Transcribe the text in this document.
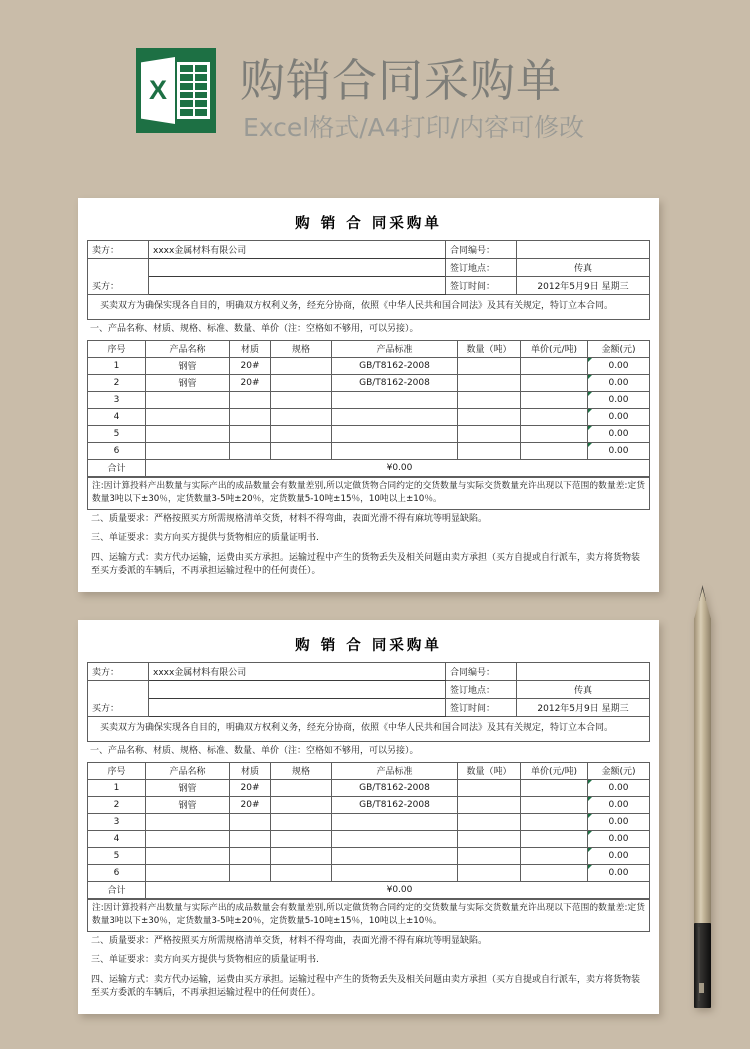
X 购销合同采购单
Excel格式/A4打印/内容可修改
购 销 合 同采购单
卖方：	xxxx金属材料有限公司	合同编号：	
		签订地点：	传真
买方：		签订时间：	2012年5月9日 星期三
买卖双方为确保实现各自目的，明确双方权利义务，经充分协商，依照《中华人民共和国合同法》及其有关规定，特订立本合同。
一、产品名称、材质、规格、标准、数量、单价（注：空格如不够用，可以另接）。
序号	产品名称	材质	规格	产品标准	数量（吨）	单价(元/吨)	金额(元)
1	钢管	20#		GB/T8162-2008			0.00
2	钢管	20#		GB/T8162-2008			0.00
3							0.00
4							0.00
5							0.00
6							0.00
合计	¥0.00						
注:因计算投料产出数量与实际产出的成品数量会有数量差别,所以定做货物合同约定的交货数量与实际交货数量充许出现以下范围的数量差:定货数量3吨以下±30％，定货数量3-5吨±20％，定货数量5-10吨±15％，10吨以上±10％。
二、质量要求：严格按照买方所需规格清单交货，材料不得弯曲，表面光滑不得有麻坑等明显缺陷。
三、单证要求：卖方向买方提供与货物相应的质量证明书.
四、运输方式：卖方代办运输，运费由买方承担。运输过程中产生的货物丢失及相关问题由卖方承担（买方自提或自行派车，卖方将货物装至买方委派的车辆后，不再承担运输过程中的任何责任）。
购 销 合 同采购单
卖方：	xxxx金属材料有限公司	合同编号：	
		签订地点：	传真
买方：		签订时间：	2012年5月9日 星期三
买卖双方为确保实现各自目的，明确双方权利义务，经充分协商，依照《中华人民共和国合同法》及其有关规定，特订立本合同。
一、产品名称、材质、规格、标准、数量、单价（注：空格如不够用，可以另接）。
序号	产品名称	材质	规格	产品标准	数量（吨）	单价(元/吨)	金额(元)
1	钢管	20#		GB/T8162-2008			0.00
2	钢管	20#		GB/T8162-2008			0.00
3							0.00
4							0.00
5							0.00
6							0.00
合计	¥0.00						
注:因计算投料产出数量与实际产出的成品数量会有数量差别,所以定做货物合同约定的交货数量与实际交货数量充许出现以下范围的数量差:定货数量3吨以下±30％，定货数量3-5吨±20％，定货数量5-10吨±15％，10吨以上±10％。
二、质量要求：严格按照买方所需规格清单交货，材料不得弯曲，表面光滑不得有麻坑等明显缺陷。
三、单证要求：卖方向买方提供与货物相应的质量证明书.
四、运输方式：卖方代办运输，运费由买方承担。运输过程中产生的货物丢失及相关问题由卖方承担（买方自提或自行派车，卖方将货物装至买方委派的车辆后，不再承担运输过程中的任何责任）。
